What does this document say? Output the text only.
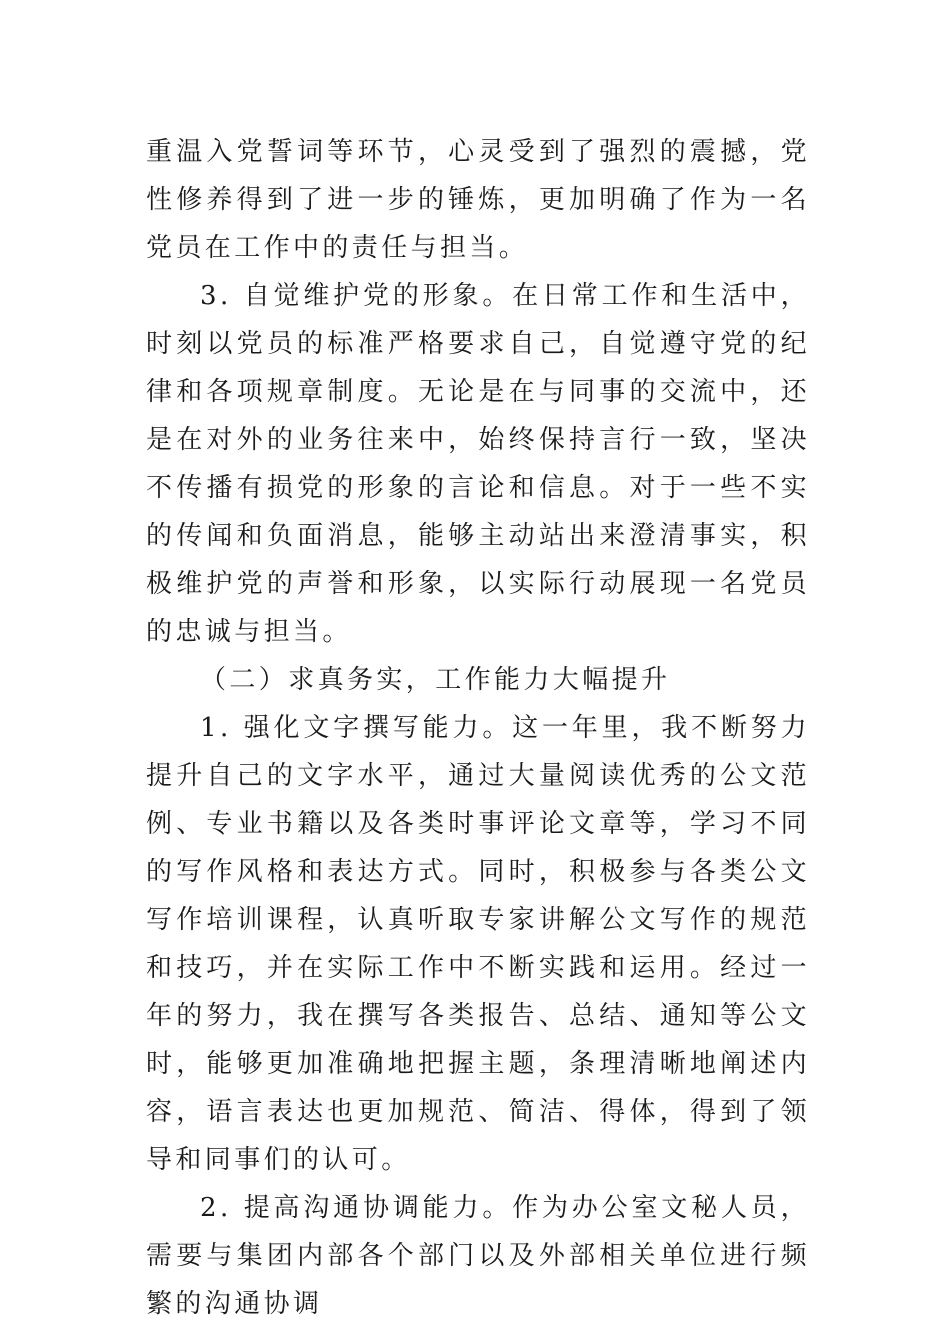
重温入党誓词等环节，心灵受到了强烈的震撼，党性修养得到了进一步的锤炼，更加明确了作为一名党员在工作中的责任与担当。

3. 自觉维护党的形象。在日常工作和生活中，时刻以党员的标准严格要求自己，自觉遵守党的纪律和各项规章制度。无论是在与同事的交流中，还是在对外的业务往来中，始终保持言行一致，坚决不传播有损党的形象的言论和信息。对于一些不实的传闻和负面消息，能够主动站出来澄清事实，积极维护党的声誉和形象，以实际行动展现一名党员的忠诚与担当。

（二）求真务实，工作能力大幅提升

1. 强化文字撰写能力。这一年里，我不断努力提升自己的文字水平，通过大量阅读优秀的公文范例、专业书籍以及各类时事评论文章等，学习不同的写作风格和表达方式。同时，积极参与各类公文写作培训课程，认真听取专家讲解公文写作的规范和技巧，并在实际工作中不断实践和运用。经过一年的努力，我在撰写各类报告、总结、通知等公文时，能够更加准确地把握主题，条理清晰地阐述内容，语言表达也更加规范、简洁、得体，得到了领导和同事们的认可。

2. 提高沟通协调能力。作为办公室文秘人员，需要与集团内部各个部门以及外部相关单位进行频繁的沟通协调
